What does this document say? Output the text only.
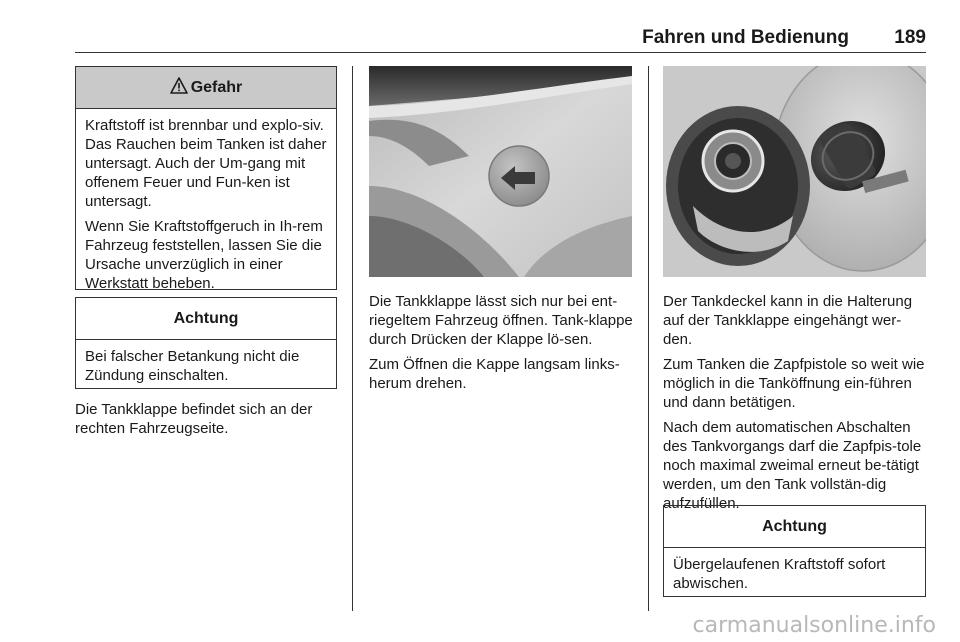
Fahren und Bedienung	189
Gefahr

Kraftstoff ist brennbar und explo-siv. Das Rauchen beim Tanken ist daher untersagt. Auch der Um-gang mit offenem Feuer und Fun-ken ist untersagt.

Wenn Sie Kraftstoffgeruch in Ih-rem Fahrzeug feststellen, lassen Sie die Ursache unverzüglich in einer Werkstatt beheben.

Achtung

Bei falscher Betankung nicht die Zündung einschalten.

Die Tankklappe befindet sich an der rechten Fahrzeugseite.

Die Tankklappe lässt sich nur bei ent-riegeltem Fahrzeug öffnen. Tank-klappe durch Drücken der Klappe lö-sen.

Zum Öffnen die Kappe langsam links-herum drehen.

Der Tankdeckel kann in die Halterung auf der Tankklappe eingehängt wer-den.

Zum Tanken die Zapfpistole so weit wie möglich in die Tanköffnung ein-führen und dann betätigen.

Nach dem automatischen Abschalten des Tankvorgangs darf die Zapfpis-tole noch maximal zweimal erneut be-tätigt werden, um den Tank vollstän-dig aufzufüllen.

Achtung

Übergelaufenen Kraftstoff sofort abwischen.

carmanualsonline.info
